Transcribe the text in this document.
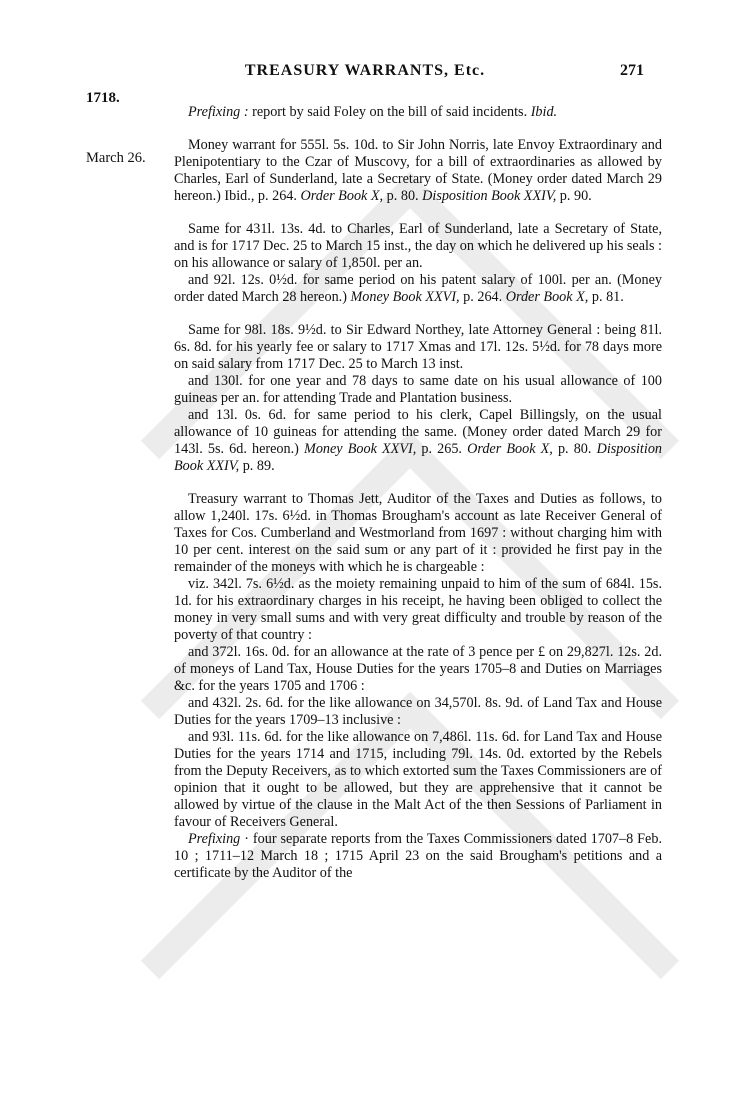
1718.
TREASURY WARRANTS, Etc.	271
March 26.

Prefixing : report by said Foley on the bill of said incidents. Ibid.

Money warrant for 555l. 5s. 10d. to Sir John Norris, late Envoy Extraordinary and Plenipotentiary to the Czar of Muscovy, for a bill of extraordinaries as allowed by Charles, Earl of Sunderland, late a Secretary of State. (Money order dated March 29 hereon.) Ibid., p. 264. Order Book X, p. 80. Disposition Book XXIV, p. 90.

Same for 431l. 13s. 4d. to Charles, Earl of Sunderland, late a Secretary of State, and is for 1717 Dec. 25 to March 15 inst., the day on which he delivered up his seals : on his allowance or salary of 1,850l. per an.

and 92l. 12s. 0½d. for same period on his patent salary of 100l. per an. (Money order dated March 28 hereon.) Money Book XXVI, p. 264. Order Book X, p. 81.

Same for 98l. 18s. 9½d. to Sir Edward Northey, late Attorney General : being 81l. 6s. 8d. for his yearly fee or salary to 1717 Xmas and 17l. 12s. 5½d. for 78 days more on said salary from 1717 Dec. 25 to March 13 inst.

and 130l. for one year and 78 days to same date on his usual allowance of 100 guineas per an. for attending Trade and Plantation business.

and 13l. 0s. 6d. for same period to his clerk, Capel Billingsly, on the usual allowance of 10 guineas for attending the same. (Money order dated March 29 for 143l. 5s. 6d. hereon.) Money Book XXVI, p. 265. Order Book X, p. 80. Disposition Book XXIV, p. 89.

Treasury warrant to Thomas Jett, Auditor of the Taxes and Duties as follows, to allow 1,240l. 17s. 6½d. in Thomas Brougham's account as late Receiver General of Taxes for Cos. Cumberland and Westmorland from 1697 : without charging him with 10 per cent. interest on the said sum or any part of it : provided he first pay in the remainder of the moneys with which he is chargeable :

viz. 342l. 7s. 6½d. as the moiety remaining unpaid to him of the sum of 684l. 15s. 1d. for his extraordinary charges in his receipt, he having been obliged to collect the money in very small sums and with very great difficulty and trouble by reason of the poverty of that country :

and 372l. 16s. 0d. for an allowance at the rate of 3 pence per £ on 29,827l. 12s. 2d. of moneys of Land Tax, House Duties for the years 1705–8 and Duties on Marriages &c. for the years 1705 and 1706 :

and 432l. 2s. 6d. for the like allowance on 34,570l. 8s. 9d. of Land Tax and House Duties for the years 1709–13 inclusive :

and 93l. 11s. 6d. for the like allowance on 7,486l. 11s. 6d. for Land Tax and House Duties for the years 1714 and 1715, including 79l. 14s. 0d. extorted by the Rebels from the Deputy Receivers, as to which extorted sum the Taxes Commissioners are of opinion that it ought to be allowed, but they are apprehensive that it cannot be allowed by virtue of the clause in the Malt Act of the then Sessions of Parliament in favour of Receivers General.

Prefixing · four separate reports from the Taxes Commissioners dated 1707–8 Feb. 10 ; 1711–12 March 18 ; 1715 April 23 on the said Brougham's petitions and a certificate by the Auditor of the
